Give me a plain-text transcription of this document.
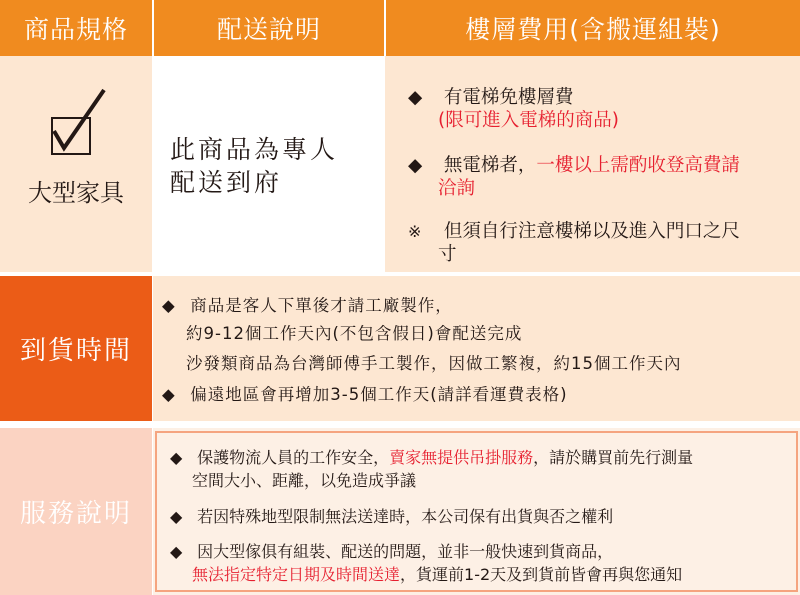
商品規格	配送說明	樓層費用(含搬運組裝)
大型家具
此商品為專人
配送到府
◆ 有電梯免樓層費
(限可進入電梯的商品)
◆ 無電梯者，一樓以上需酌收登高費請
洽詢
※ 但須自行注意樓梯以及進入門口之尺
寸
到貨時間
◆ 商品是客人下單後才請工廠製作，
約9-12個工作天內(不包含假日)會配送完成
沙發類商品為台灣師傅手工製作，因做工繁複，約15個工作天內
◆ 偏遠地區會再增加3-5個工作天(請詳看運費表格)
服務說明
◆ 保護物流人員的工作安全，賣家無提供吊掛服務，請於購買前先行測量
空間大小、距離，以免造成爭議
◆ 若因特殊地型限制無法送達時，本公司保有出貨與否之權利
◆ 因大型傢俱有組裝、配送的問題，並非一般快速到貨商品，
無法指定特定日期及時間送達，貨運前1-2天及到貨前皆會再與您通知
